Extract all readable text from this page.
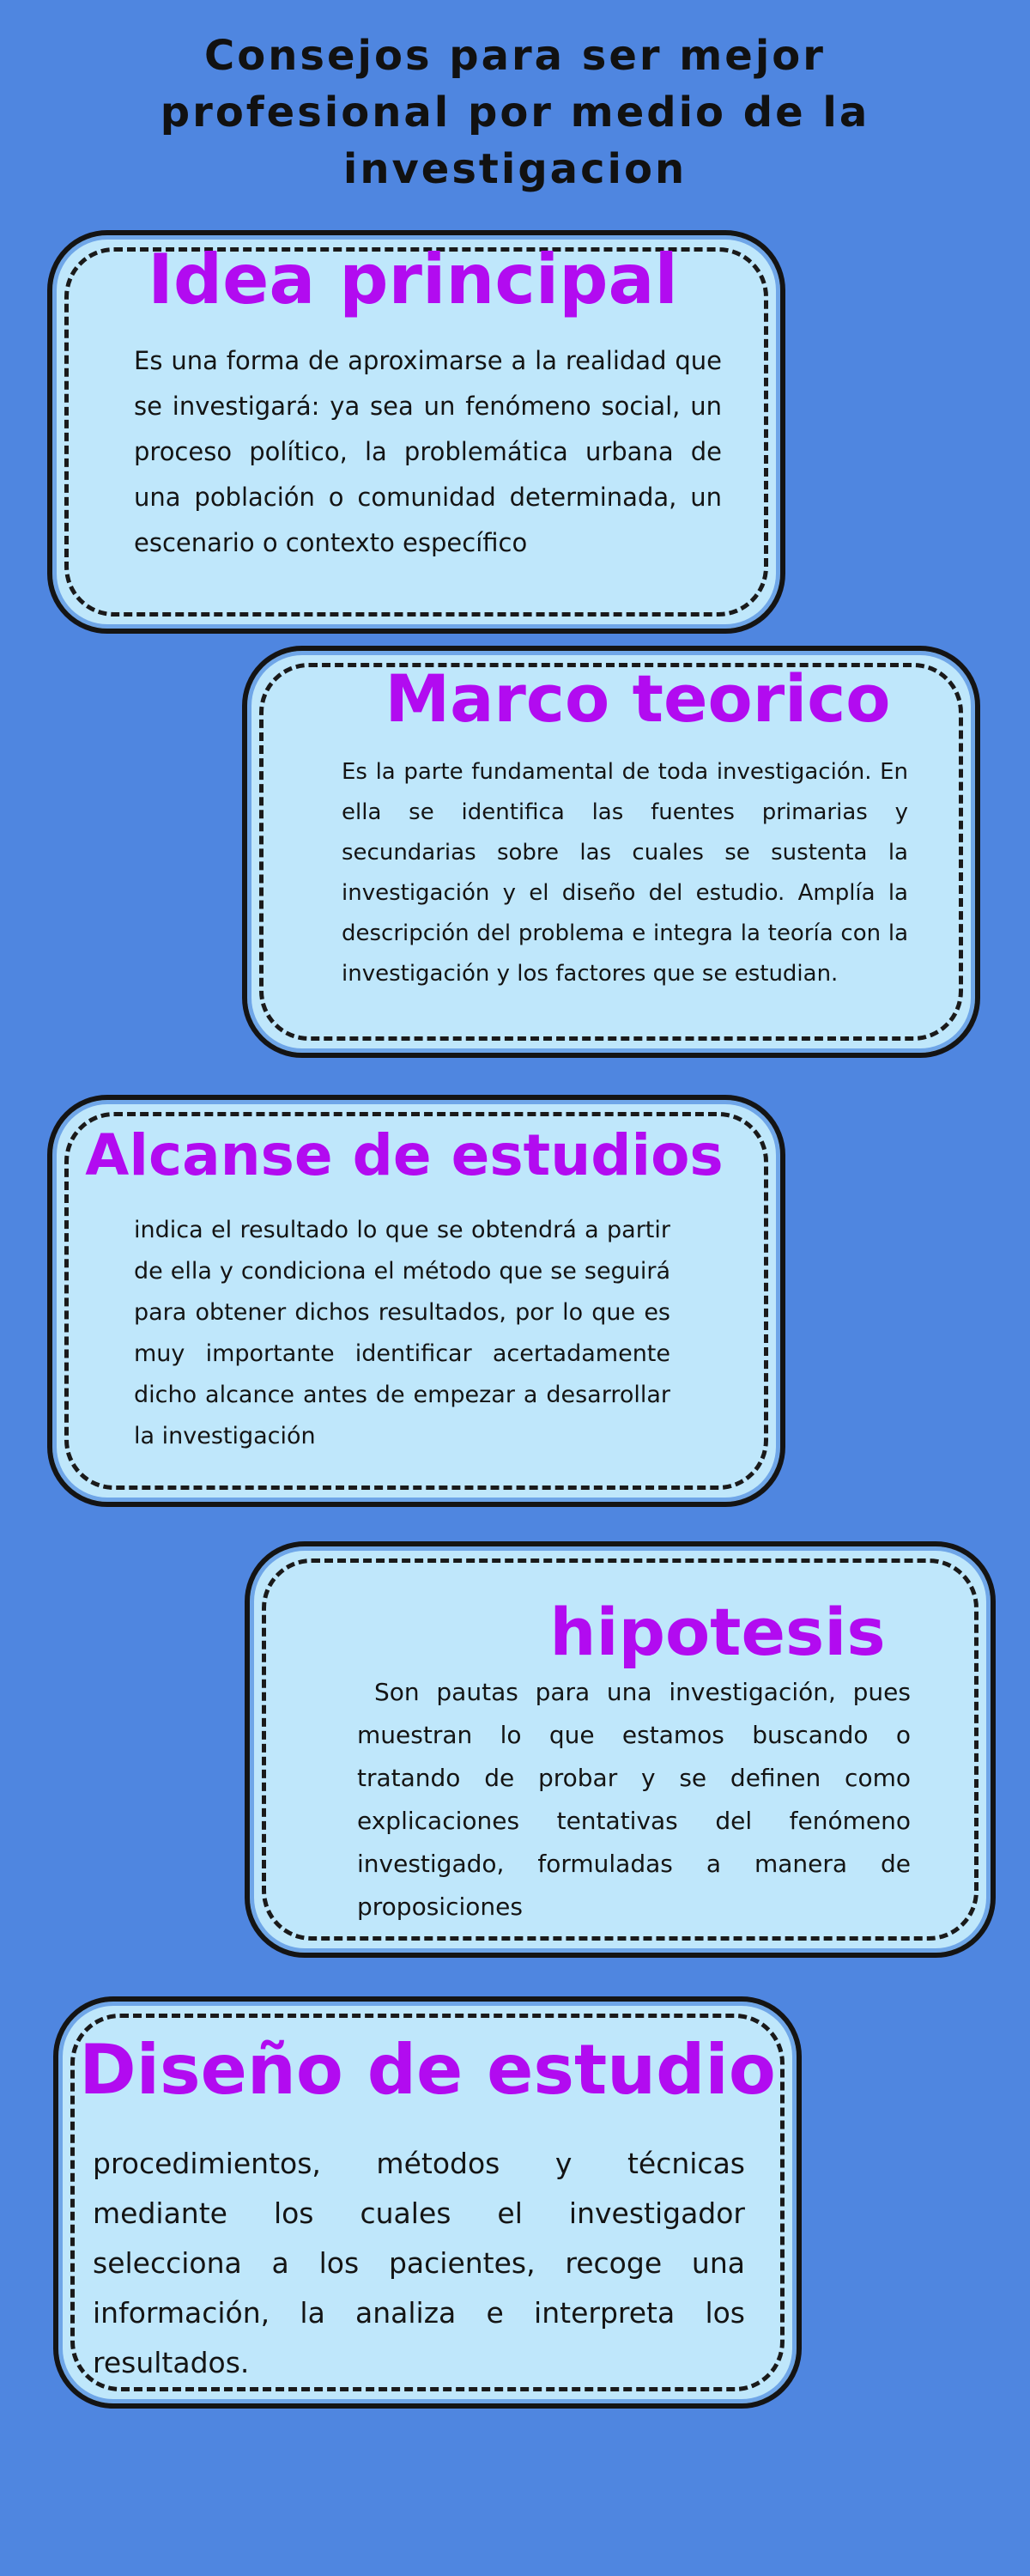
Consejos para ser mejor profesional por medio de la investigacion
Idea principal

Es una forma de aproximarse a la realidad que se investigará: ya sea un fenómeno social, un proceso político, la problemática urbana de una población o comunidad determinada, un escenario o contexto específico

Marco teorico

Es la parte fundamental de toda investigación. En ella se identifica las fuentes primarias y secundarias sobre las cuales se sustenta la investigación y el diseño del estudio. Amplía la descripción del problema e integra la teoría con la investigación y los factores que se estudian.

Alcanse de estudios

indica el resultado lo que se obtendrá a partir de ella y condiciona el método que se seguirá para obtener dichos resultados, por lo que es muy importante identificar acertadamente dicho alcance antes de empezar a desarrollar la investigación

hipotesis

Son pautas para una investigación, pues muestran lo que estamos buscando o tratando de probar y se definen como explicaciones tentativas del fenómeno investigado, formuladas a manera de proposiciones

Diseño de estudio

procedimientos, métodos y técnicas mediante los cuales el investigador selecciona a los pacientes, recoge una información, la analiza e interpreta los resultados.
